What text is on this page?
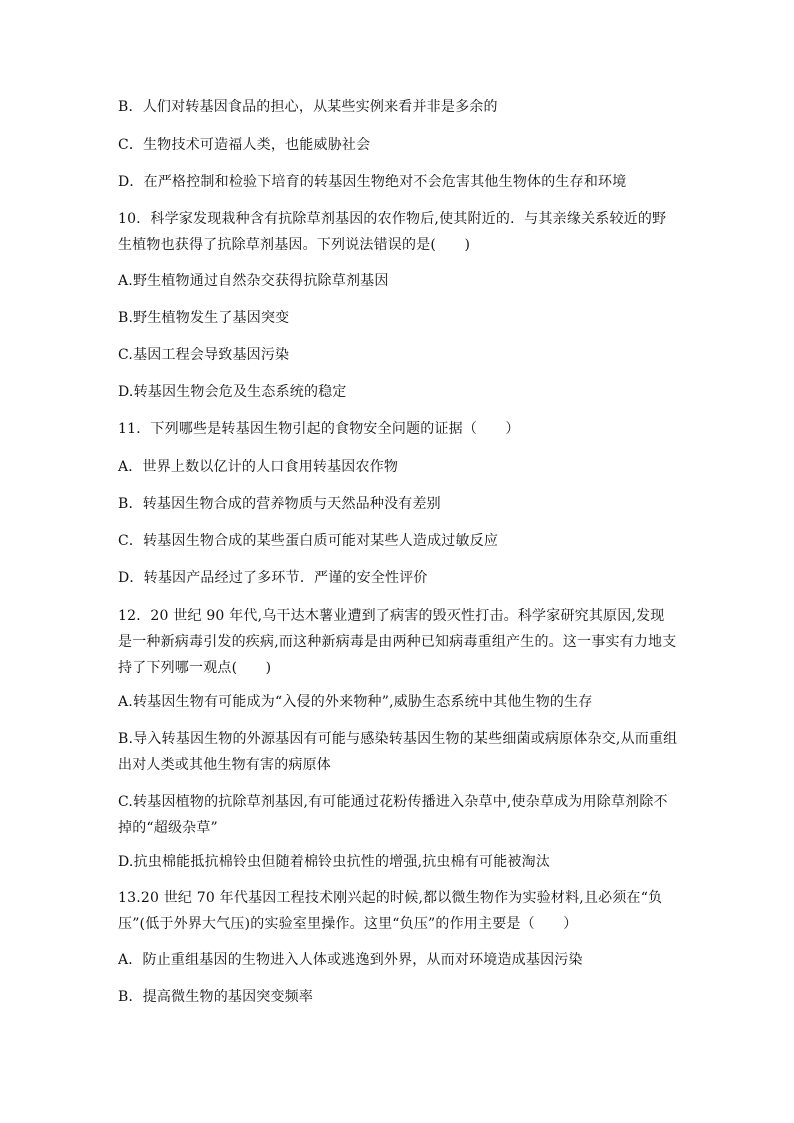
B．人们对转基因食品的担心，从某些实例来看并非是多余的
C．生物技术可造福人类，也能威胁社会
D．在严格控制和检验下培育的转基因生物绝对不会危害其他生物体的生存和环境
10．科学家发现栽种含有抗除草剂基因的农作物后,使其附近的．与其亲缘关系较近的野生植物也获得了抗除草剂基因。下列说法错误的是(　　)
A.野生植物通过自然杂交获得抗除草剂基因
B.野生植物发生了基因突变
C.基因工程会导致基因污染
D.转基因生物会危及生态系统的稳定
11．下列哪些是转基因生物引起的食物安全问题的证据（　　）
A．世界上数以亿计的人口食用转基因农作物
B．转基因生物合成的营养物质与天然品种没有差别
C．转基因生物合成的某些蛋白质可能对某些人造成过敏反应
D．转基因产品经过了多环节．严谨的安全性评价
12．20 世纪 90 年代,乌干达木薯业遭到了病害的毁灭性打击。科学家研究其原因,发现是一种新病毒引发的疾病,而这种新病毒是由两种已知病毒重组产生的。这一事实有力地支持了下列哪一观点(　　)
A.转基因生物有可能成为“入侵的外来物种”,威胁生态系统中其他生物的生存
B.导入转基因生物的外源基因有可能与感染转基因生物的某些细菌或病原体杂交,从而重组出对人类或其他生物有害的病原体
C.转基因植物的抗除草剂基因,有可能通过花粉传播进入杂草中,使杂草成为用除草剂除不掉的“超级杂草”
D.抗虫棉能抵抗棉铃虫但随着棉铃虫抗性的增强,抗虫棉有可能被淘汰
13.20 世纪 70 年代基因工程技术刚兴起的时候,都以微生物作为实验材料,且必须在“负压”(低于外界大气压)的实验室里操作。这里“负压”的作用主要是（　　）
A．防止重组基因的生物进入人体或逃逸到外界，从而对环境造成基因污染
B．提高微生物的基因突变频率
